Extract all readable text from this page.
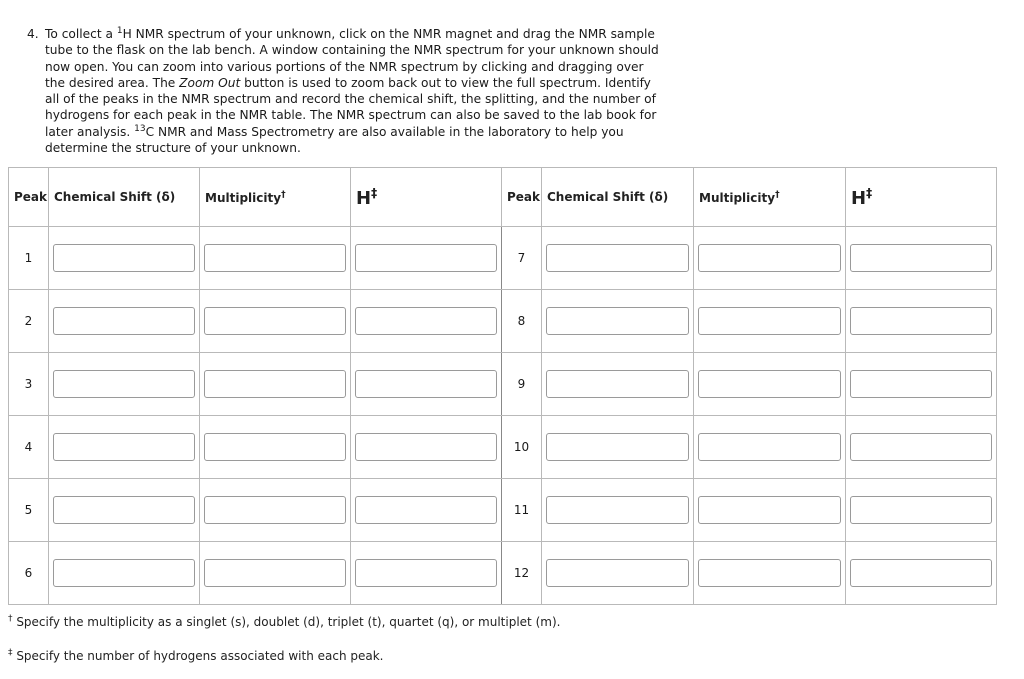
4. To collect a $^1$H NMR spectrum of your unknown, click on the NMR magnet and drag the NMR sample tube to the flask on the lab bench. A window containing the NMR spectrum for your unknown should now open. You can zoom into various portions of the NMR spectrum by clicking and dragging over the desired area. The Zoom Out button is used to zoom back out to view the full spectrum. Identify all of the peaks in the NMR spectrum and record the chemical shift, the splitting, and the number of hydrogens for each peak in the NMR table. The NMR spectrum can also be saved to the lab book for later analysis. $^{13}$C NMR and Mass Spectrometry are also available in the laboratory to help you determine the structure of your unknown.
Peak	Chemical Shift (δ)	Multiplicity†	H‡	Peak	Chemical Shift (δ)	Multiplicity†	H‡
1				7	

2				8	

3				9	

4				10	

5				11	

6				12	

† Specify the multiplicity as a singlet (s), doublet (d), triplet (t), quartet (q), or multiplet (m).

‡ Specify the number of hydrogens associated with each peak.
